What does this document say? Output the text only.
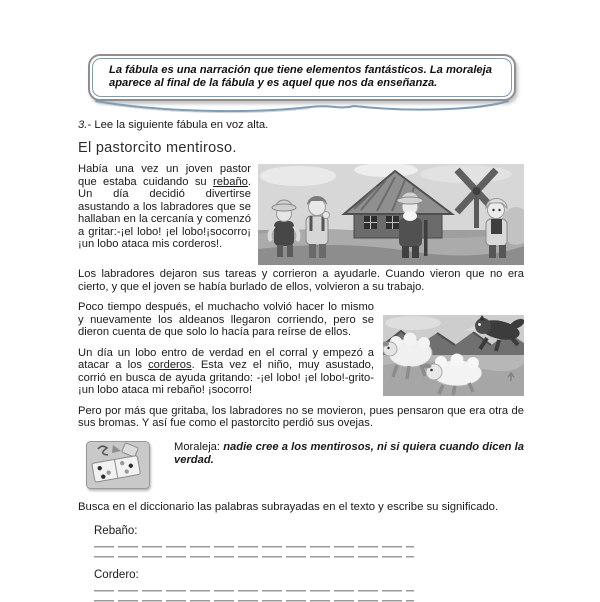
La fábula es una narración que tiene elementos fantásticos. La moraleja aparece al final de la fábula y es aquel que nos da enseñanza.
3.- Lee la siguiente fábula en voz alta.
El pastorcito mentiroso.

Había una vez un joven pastor que estaba cuidando su rebaño. Un día decidió divertirse asustando a los labradores que se hallaban en la cercanía y comenzó a gritar:-¡el lobo! ¡el lobo!¡socorro¡ ¡un lobo ataca mis corderos!.

Los labradores dejaron sus tareas y corrieron a ayudarle. Cuando vieron que no era cierto, y que el joven se había burlado de ellos, volvieron a su trabajo.

Poco tiempo después, el muchacho volvió hacer lo mismo y nuevamente los aldeanos llegaron corriendo, pero se dieron cuenta de que solo lo hacía para reírse de ellos.

Un día un lobo entro de verdad en el corral y empezó a atacar a los corderos. Esta vez el niño, muy asustado, corrió en busca de ayuda gritando: -¡el lobo! ¡el lobo!-grito-¡un lobo ataca mi rebaño! ¡socorro!

Pero por más que gritaba, los labradores no se movieron, pues pensaron que era otra de sus bromas. Y así fue como el pastorcito perdió sus ovejas.

Moraleja: nadie cree a los mentirosos, ni si quiera cuando dicen la verdad.
Busca en el diccionario las palabras subrayadas en el texto y escribe su significado.
Rebaño:
Cordero:
